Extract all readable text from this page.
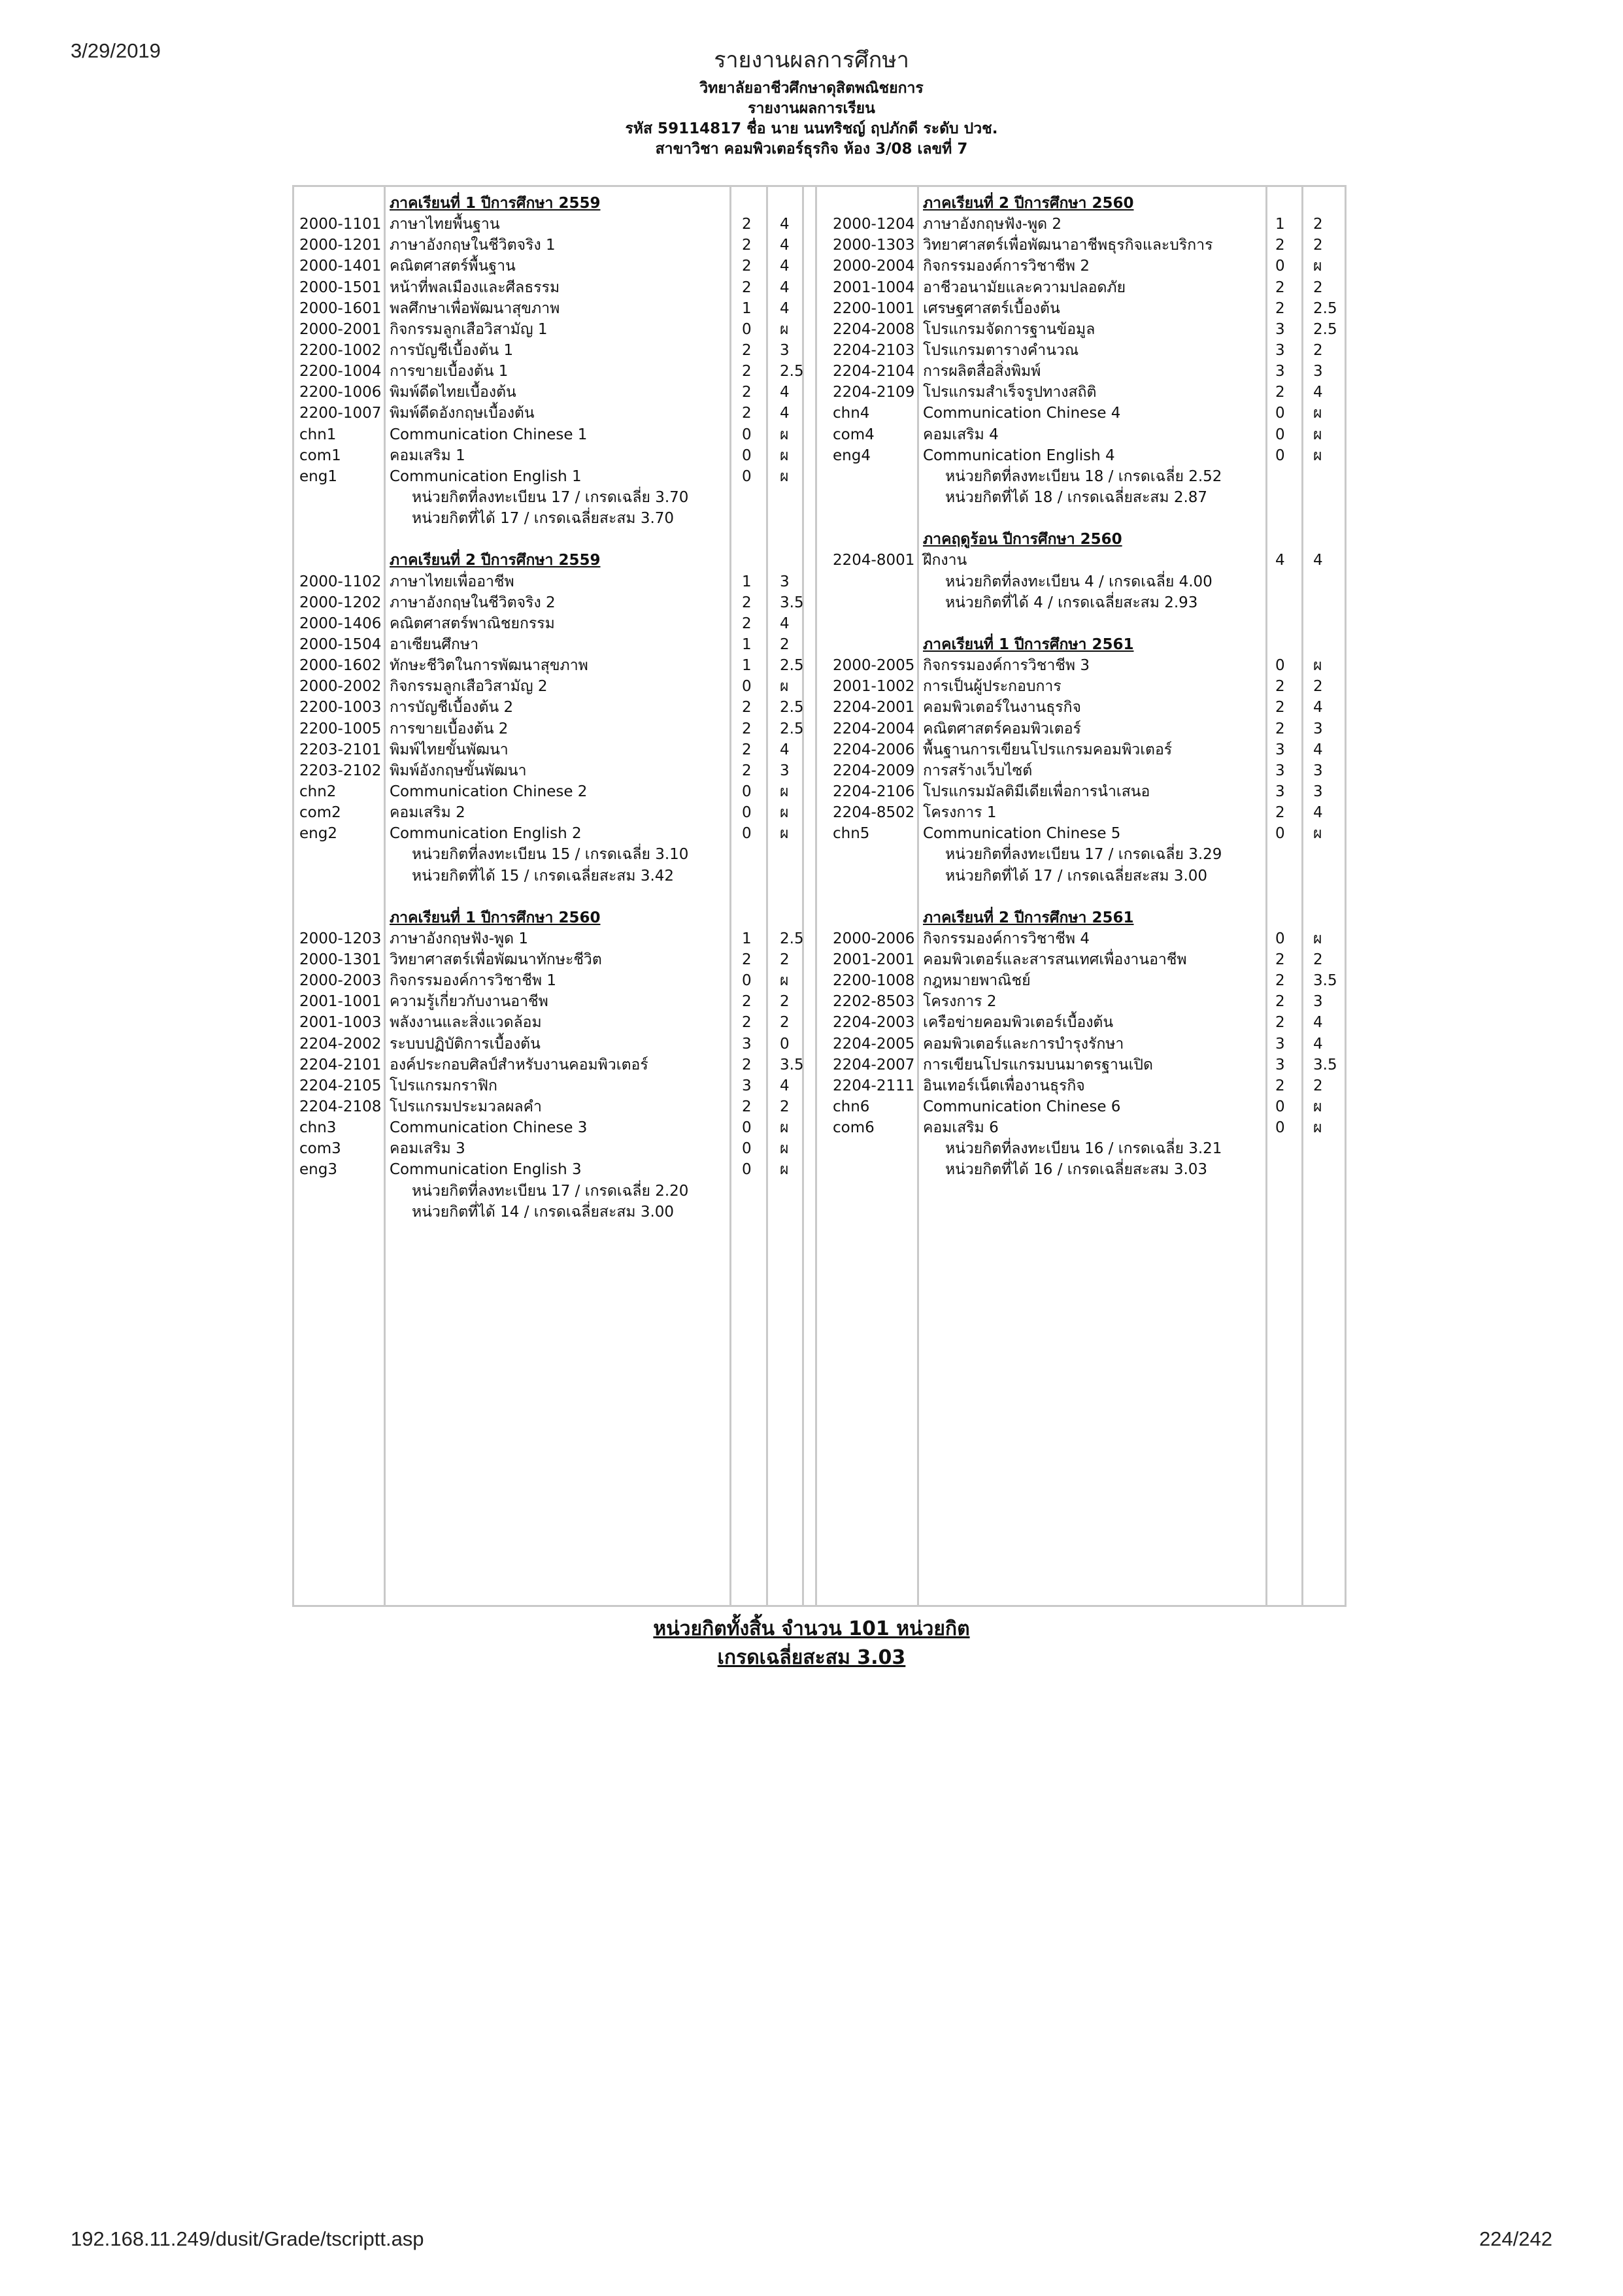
3/29/2019	รายงานผลการศึกษา
วิทยาลัยอาชีวศึกษาดุสิตพณิชยการ
รายงานผลการเรียน
รหัส 59114817 ชื่อ นาย นนทริชญ์ ฤปภักดี ระดับ ปวช.
สาขาวิชา คอมพิวเตอร์ธุรกิจ ห้อง 3/08 เลขที่ 7
ภาคเรียนที่ 1 ปีการศึกษา 2559
2000-1101 ภาษาไทยพื้นฐาน	2 4
2000-1201 ภาษาอังกฤษในชีวิตจริง 1	2 4
2000-1401 คณิตศาสตร์พื้นฐาน	2 4
2000-1501 หน้าที่พลเมืองและศีลธรรม	2 4
2000-1601 พลศึกษาเพื่อพัฒนาสุขภาพ	1 4
2000-2001 กิจกรรมลูกเสือวิสามัญ 1	0 ผ
2200-1002 การบัญชีเบื้องต้น 1	2 3
2200-1004 การขายเบื้องต้น 1	2 2.5
2200-1006 พิมพ์ดีดไทยเบื้องต้น	2 4
2200-1007 พิมพ์ดีดอังกฤษเบื้องต้น	2 4
chn1	Communication Chinese 1	0 ผ
com1	คอมเสริม 1	0 ผ
eng1	Communication English 1	0 ผ
หน่วยกิตที่ลงทะเบียน 17 / เกรดเฉลี่ย 3.70
หน่วยกิตที่ได้ 17 / เกรดเฉลี่ยสะสม 3.70
ภาคเรียนที่ 2 ปีการศึกษา 2559
2000-1102 ภาษาไทยเพื่ออาชีพ	1 3
2000-1202 ภาษาอังกฤษในชีวิตจริง 2	2 3.5
2000-1406 คณิตศาสตร์พาณิชยกรรม	2 4
2000-1504 อาเซียนศึกษา	1 2
2000-1602 ทักษะชีวิตในการพัฒนาสุขภาพ	1 2.5
2000-2002 กิจกรรมลูกเสือวิสามัญ 2	0 ผ
2200-1003 การบัญชีเบื้องต้น 2	2 2.5
2200-1005 การขายเบื้องต้น 2	2 2.5
2203-2101 พิมพ์ไทยขั้นพัฒนา	2 4
2203-2102 พิมพ์อังกฤษขั้นพัฒนา	2 3
chn2	Communication Chinese 2	0 ผ
com2	คอมเสริม 2	0 ผ
eng2	Communication English 2	0 ผ
หน่วยกิตที่ลงทะเบียน 15 / เกรดเฉลี่ย 3.10
หน่วยกิตที่ได้ 15 / เกรดเฉลี่ยสะสม 3.42
ภาคเรียนที่ 1 ปีการศึกษา 2560
2000-1203 ภาษาอังกฤษฟัง-พูด 1	1 2.5
2000-1301 วิทยาศาสตร์เพื่อพัฒนาทักษะชีวิต	2 2
2000-2003 กิจกรรมองค์การวิชาชีพ 1	0 ผ
2001-1001 ความรู้เกี่ยวกับงานอาชีพ	2 2
2001-1003 พลังงานและสิ่งแวดล้อม	2 2
2204-2002 ระบบปฏิบัติการเบื้องต้น	3 0
2204-2101 องค์ประกอบศิลป์สำหรับงานคอมพิวเตอร์	2 3.5
2204-2105 โปรแกรมกราฟิก	3 4
2204-2108 โปรแกรมประมวลผลคำ	2 2
chn3	Communication Chinese 3	0 ผ
com3	คอมเสริม 3	0 ผ
eng3	Communication English 3	0 ผ
หน่วยกิตที่ลงทะเบียน 17 / เกรดเฉลี่ย 2.20
หน่วยกิตที่ได้ 14 / เกรดเฉลี่ยสะสม 3.00
ภาคเรียนที่ 2 ปีการศึกษา 2560
2000-1204 ภาษาอังกฤษฟัง-พูด 2	1 2
2000-1303 วิทยาศาสตร์เพื่อพัฒนาอาชีพธุรกิจและบริการ	2 2
2000-2004 กิจกรรมองค์การวิชาชีพ 2	0 ผ
2001-1004 อาชีวอนามัยและความปลอดภัย	2 2
2200-1001 เศรษฐศาสตร์เบื้องต้น	2 2.5
2204-2008 โปรแกรมจัดการฐานข้อมูล	3 2.5
2204-2103 โปรแกรมตารางคำนวณ	3 2
2204-2104 การผลิตสื่อสิ่งพิมพ์	3 3
2204-2109 โปรแกรมสำเร็จรูปทางสถิติ	2 4
chn4	Communication Chinese 4	0 ผ
com4	คอมเสริม 4	0 ผ
eng4	Communication English 4	0 ผ
หน่วยกิตที่ลงทะเบียน 18 / เกรดเฉลี่ย 2.52
หน่วยกิตที่ได้ 18 / เกรดเฉลี่ยสะสม 2.87
ภาคฤดูร้อน ปีการศึกษา 2560
2204-8001 ฝึกงาน	4 4
หน่วยกิตที่ลงทะเบียน 4 / เกรดเฉลี่ย 4.00
หน่วยกิตที่ได้ 4 / เกรดเฉลี่ยสะสม 2.93
ภาคเรียนที่ 1 ปีการศึกษา 2561
2000-2005 กิจกรรมองค์การวิชาชีพ 3	0 ผ
2001-1002 การเป็นผู้ประกอบการ	2 2
2204-2001 คอมพิวเตอร์ในงานธุรกิจ	2 4
2204-2004 คณิตศาสตร์คอมพิวเตอร์	2 3
2204-2006 พื้นฐานการเขียนโปรแกรมคอมพิวเตอร์	3 4
2204-2009 การสร้างเว็บไซต์	3 3
2204-2106 โปรแกรมมัลติมีเดียเพื่อการนำเสนอ	3 3
2204-8502 โครงการ 1	2 4
chn5	Communication Chinese 5	0 ผ
หน่วยกิตที่ลงทะเบียน 17 / เกรดเฉลี่ย 3.29
หน่วยกิตที่ได้ 17 / เกรดเฉลี่ยสะสม 3.00
ภาคเรียนที่ 2 ปีการศึกษา 2561
2000-2006 กิจกรรมองค์การวิชาชีพ 4	0 ผ
2001-2001 คอมพิวเตอร์และสารสนเทศเพื่องานอาชีพ	2 2
2200-1008 กฎหมายพาณิชย์	2 3.5
2202-8503 โครงการ 2	2 3
2204-2003 เครือข่ายคอมพิวเตอร์เบื้องต้น	2 4
2204-2005 คอมพิวเตอร์และการบำรุงรักษา	3 4
2204-2007 การเขียนโปรแกรมบนมาตรฐานเปิด	3 3.5
2204-2111 อินเทอร์เน็ตเพื่องานธุรกิจ	2 2
chn6	Communication Chinese 6	0 ผ
com6	คอมเสริม 6	0 ผ
หน่วยกิตที่ลงทะเบียน 16 / เกรดเฉลี่ย 3.21
หน่วยกิตที่ได้ 16 / เกรดเฉลี่ยสะสม 3.03
หน่วยกิตทั้งสิ้น จำนวน 101 หน่วยกิต
เกรดเฉลี่ยสะสม 3.03
192.168.11.249/dusit/Grade/tscriptt.asp	224/242
